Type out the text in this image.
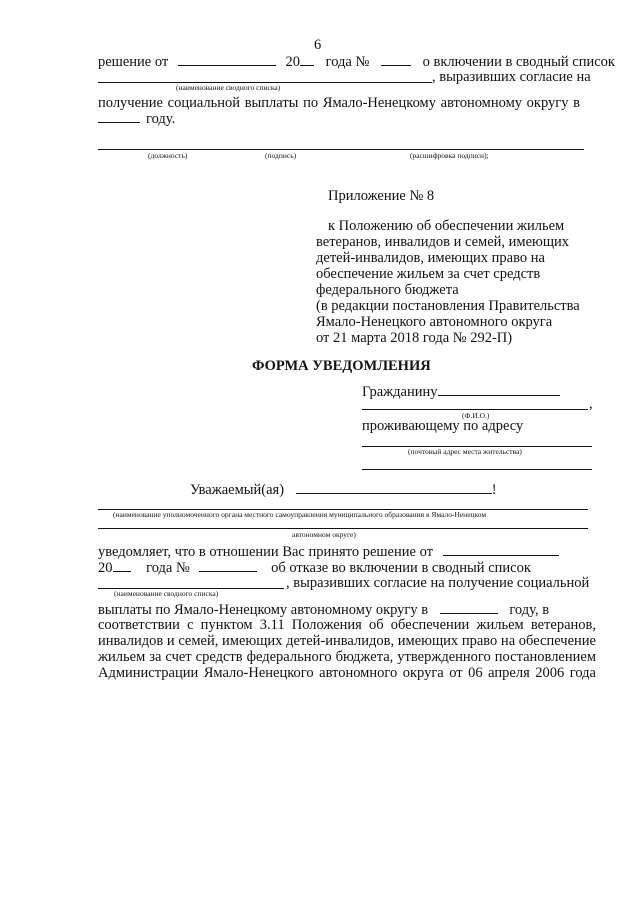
6
решение от	20 года №	о включении в сводный список
, выразивших согласие на
(наименование сводного списка)
получение социальной выплаты по Ямало-Ненецкому автономному округу в
году.
(должность)	(подпись)	(расшифровка подписи);
Приложение № 8
к Положению об обеспечении жильем
ветеранов, инвалидов и семей, имеющих
детей-инвалидов, имеющих право на
обеспечение жильем за счет средств
федерального бюджета
(в редакции постановления Правительства
Ямало-Ненецкого автономного округа
от 21 марта 2018 года № 292-П)
ФОРМА УВЕДОМЛЕНИЯ
Гражданину
,
(Ф.И.О.)
проживающему по адресу
(почтовый адрес места жительства)
Уважаемый(ая)	!
(наименование уполномоченного органа местного самоуправления муниципального образования в Ямало-Ненецком
автономном округе)
уведомляет, что в отношении Вас принято решение от
20 года №	об отказе во включении в сводный список
, выразивших согласие на получение социальной
(наименование сводного списка)
выплаты по Ямало-Ненецкому автономному округу в	году, в
соответствии с пунктом 3.11 Положения об обеспечении жильем ветеранов,
инвалидов и семей, имеющих детей-инвалидов, имеющих право на обеспечение
жильем за счет средств федерального бюджета, утвержденного постановлением
Администрации Ямало-Ненецкого автономного округа от 06 апреля 2006 года
